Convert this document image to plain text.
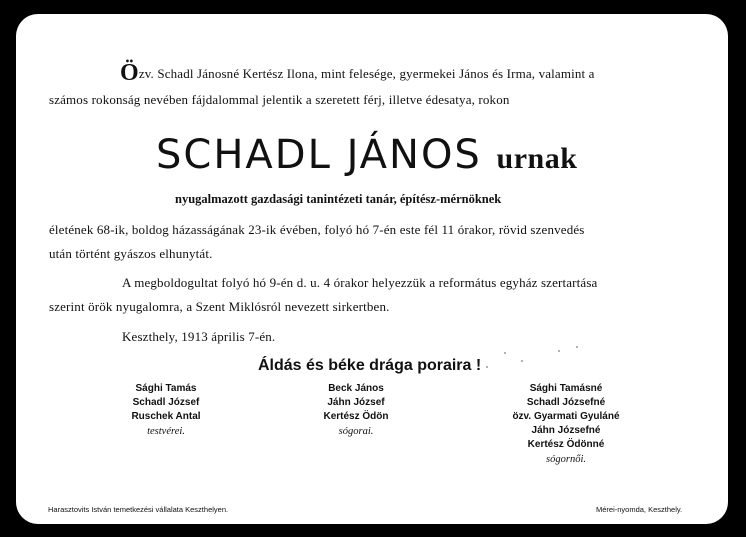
Özv. Schadl Jánosné Kertész Ilona, mint felesége, gyermekei János és Irma, valamint a
számos rokonság nevében fájdalommal jelentik a szeretett férj, illetve édesatya, rokon
SCHADL JÁNOS urnak
nyugalmazott gazdasági tanintézeti tanár, építész-mérnöknek
életének 68-ik, boldog házasságának 23-ik évében, folyó hó 7-én este fél 11 órakor, rövid szenvedés
után történt gyászos elhunytát.
A megboldogultat folyó hó 9-én d. u. 4 órakor helyezzük a református egyház szertartása
szerint örök nyugalomra, a Szent Miklósról nevezett sirkertben.
Keszthely, 1913 április 7-én.
Áldás és béke drága poraira !
Sághi Tamás
Schadl József
Ruschek Antal
testvérei.
Beck János
Jáhn József
Kertész Ödön
sógorai.
Sághi Tamásné
Schadl Józsefné
özv. Gyarmati Gyuláné
Jáhn Józsefné
Kertész Ödönné
sógornői.
Harasztovits István temetkezési vállalata Keszthelyen.	Mérei-nyomda, Keszthely.
